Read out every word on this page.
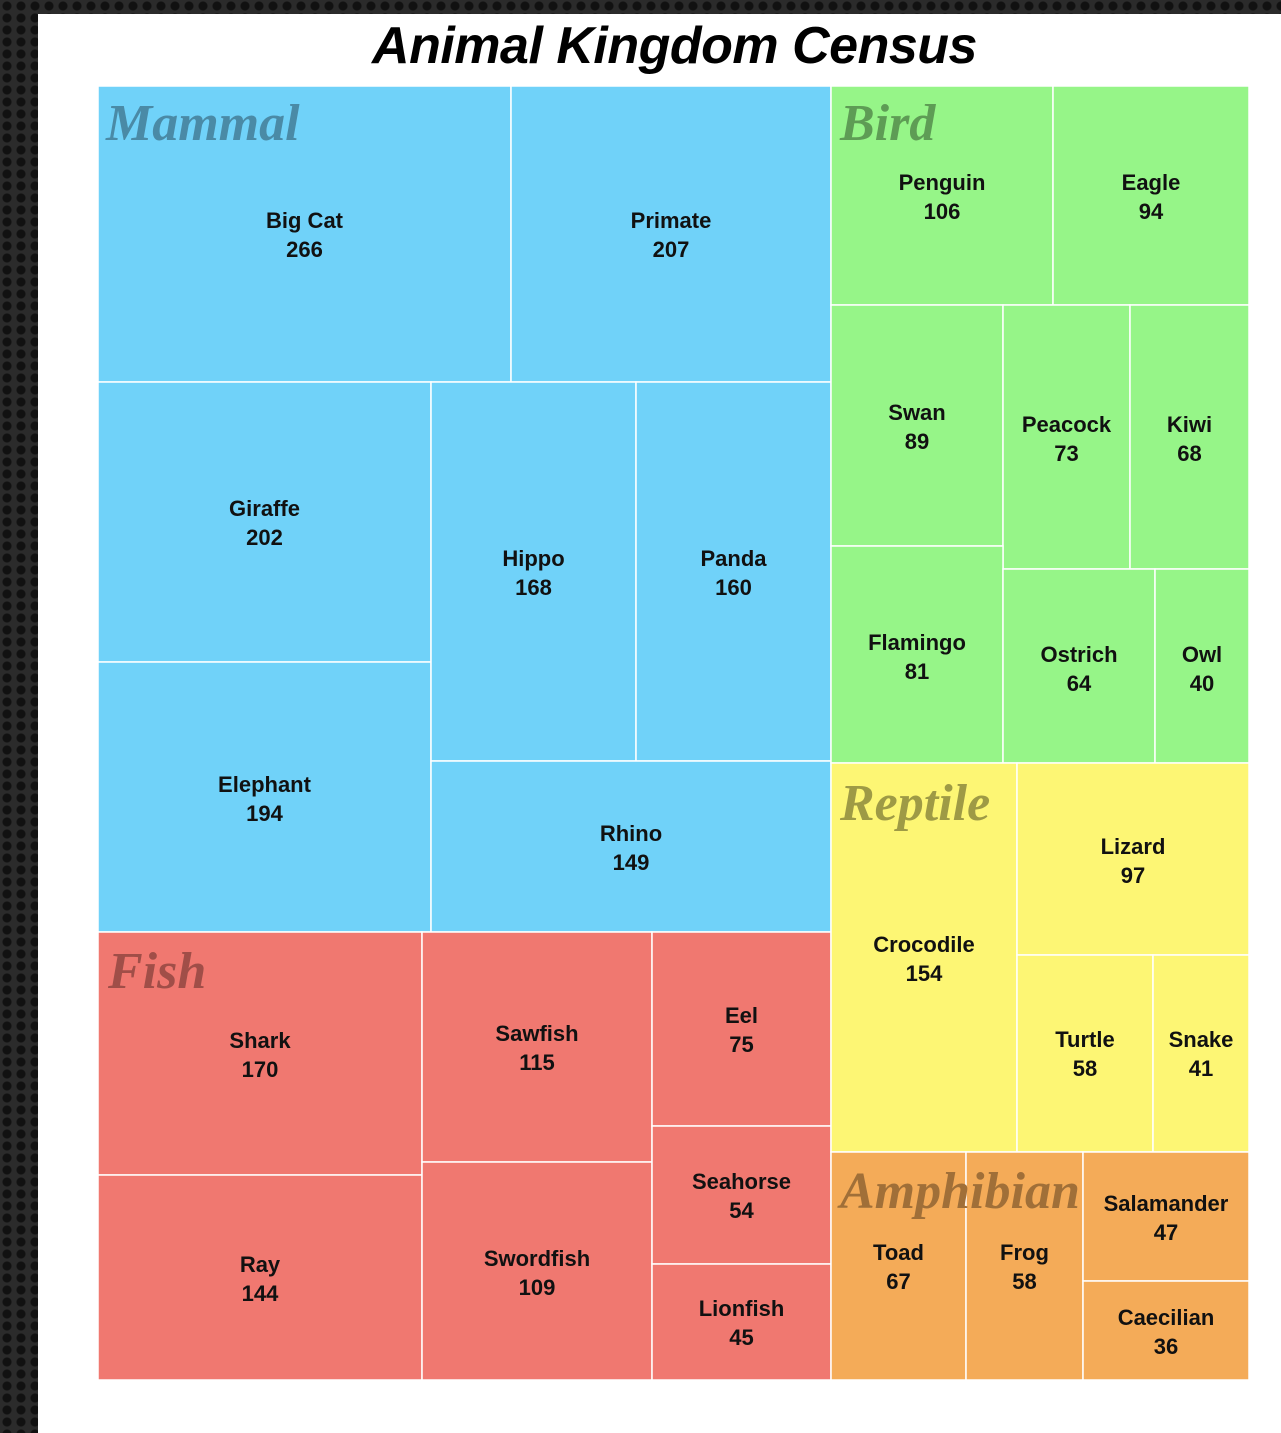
Animal Kingdom Census
Big Cat
266
Primate
207
Giraffe
202
Elephant
194
Hippo
168
Panda
160
Rhino
149
Mammal
Penguin
106
Eagle
94
Swan
89
Peacock
73
Kiwi
68
Flamingo
81
Ostrich
64
Owl
40
Bird
Shark
170
Ray
144
Sawfish
115
Swordfish
109
Eel
75
Seahorse
54
Lionfish
45
Fish	Crocodile
154
Lizard
97
Turtle
58
Snake
41
Reptile
Toad
67
Frog
58
Salamander
47
Caecilian
36
Amphibian
